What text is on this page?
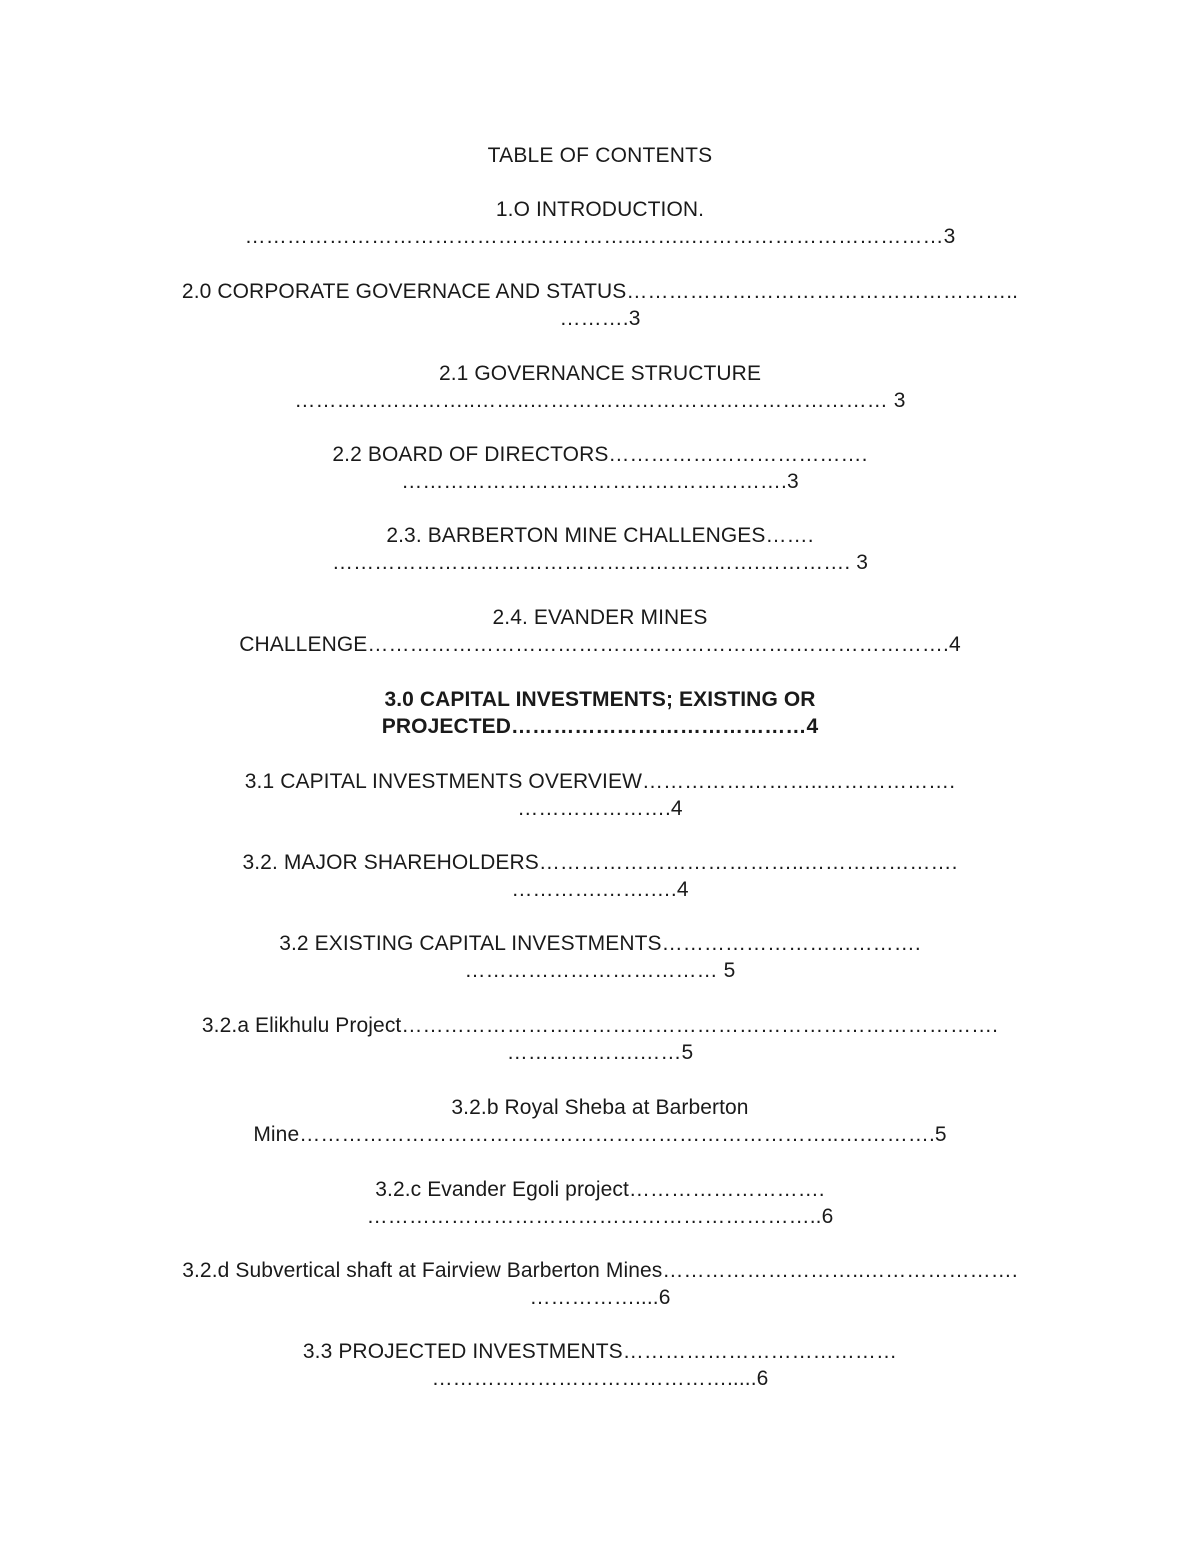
TABLE OF CONTENTS
1.O INTRODUCTION.
………………………………………………..……..………………………………3
2.0 CORPORATE GOVERNACE AND STATUS………………………………………………..
……….3
2.1 GOVERNANCE STRUCTURE
……………………..……..…………………………………………… 3
2.2 BOARD OF DIRECTORS……………………………….
……………………………………………….3
2.3. BARBERTON MINE CHALLENGES…….
…………………………………………………….…………. 3
2.4. EVANDER MINES
CHALLENGE…………………………………………………….………………….4
3.0 CAPITAL INVESTMENTS; EXISTING OR
PROJECTED……………………………………4
3.1 CAPITAL INVESTMENTS OVERVIEW……………………..……………….
………………….4
3.2. MAJOR SHAREHOLDERS………………………………..………………….
………….…….….4
3.2 EXISTING CAPITAL INVESTMENTS……………………………….
……………………………… 5
3.2.a Elikhulu Project………………………………………………………………………….
……………….……5
3.2.b Royal Sheba at Barberton
Mine…………………………………………………………………..….……….5
3.2.c Evander Egoli project……………………….
………………………………………………………..6
3.2.d Subvertical shaft at Fairview Barberton Mines………………………..………………….
……………....6
3.3 PROJECTED INVESTMENTS…………………………………
…………………………………….....6
